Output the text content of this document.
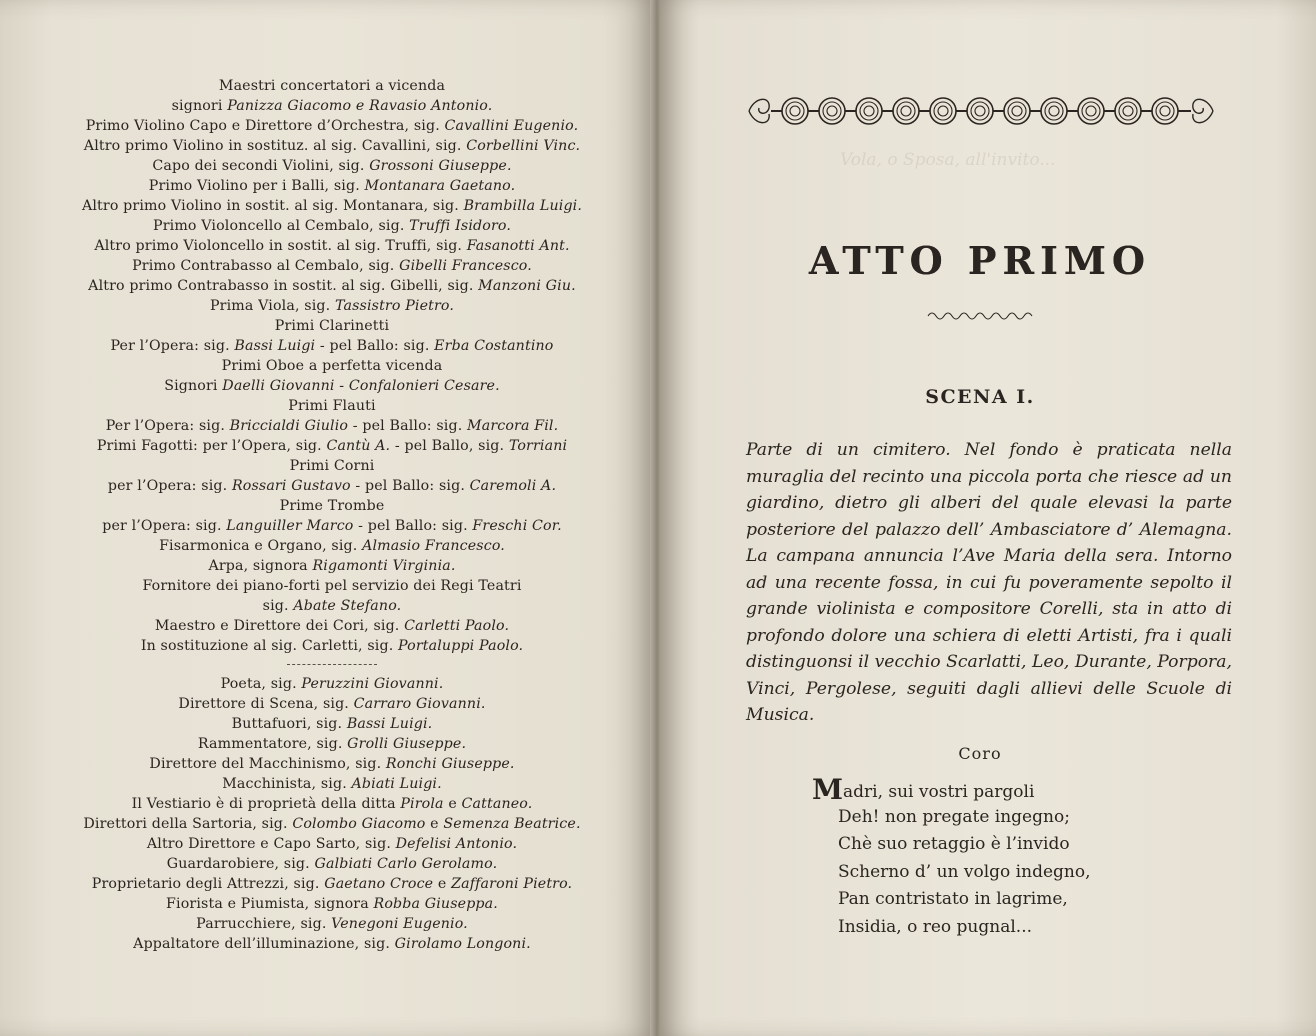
Maestri concertatori a vicenda
signori Panizza Giacomo e Ravasio Antonio.
Primo Violino Capo e Direttore d’Orchestra, sig. Cavallini Eugenio.
Altro primo Violino in sostituz. al sig. Cavallini, sig. Corbellini Vinc.
Capo dei secondi Violini, sig. Grossoni Giuseppe.
Primo Violino per i Balli, sig. Montanara Gaetano.
Altro primo Violino in sostit. al sig. Montanara, sig. Brambilla Luigi.
Primo Violoncello al Cembalo, sig. Truffi Isidoro.
Altro primo Violoncello in sostit. al sig. Truffi, sig. Fasanotti Ant.
Primo Contrabasso al Cembalo, sig. Gibelli Francesco.
Altro primo Contrabasso in sostit. al sig. Gibelli, sig. Manzoni Giu.
Prima Viola, sig. Tassistro Pietro.
Primi Clarinetti
Per l’Opera: sig. Bassi Luigi - pel Ballo: sig. Erba Costantino
Primi Oboe a perfetta vicenda
Signori Daelli Giovanni - Confalonieri Cesare.
Primi Flauti
Per l’Opera: sig. Briccialdi Giulio - pel Ballo: sig. Marcora Fil.
Primi Fagotti: per l’Opera, sig. Cantù A. - pel Ballo, sig. Torriani
Primi Corni
per l’Opera: sig. Rossari Gustavo - pel Ballo: sig. Caremoli A.
Prime Trombe
per l’Opera: sig. Languiller Marco - pel Ballo: sig. Freschi Cor.
Fisarmonica e Organo, sig. Almasio Francesco.
Arpa, signora Rigamonti Virginia.
Fornitore dei piano-forti pel servizio dei Regi Teatri
sig. Abate Stefano.
Maestro e Direttore dei Cori, sig. Carletti Paolo.
In sostituzione al sig. Carletti, sig. Portaluppi Paolo.
Poeta, sig. Peruzzini Giovanni.
Direttore di Scena, sig. Carraro Giovanni.
Buttafuori, sig. Bassi Luigi.
Rammentatore, sig. Grolli Giuseppe.
Direttore del Macchinismo, sig. Ronchi Giuseppe.
Macchinista, sig. Abiati Luigi.
Il Vestiario è di proprietà della ditta Pirola e Cattaneo.
Direttori della Sartoria, sig. Colombo Giacomo e Semenza Beatrice.
Altro Direttore e Capo Sarto, sig. Defelisi Antonio.
Guardarobiere, sig. Galbiati Carlo Gerolamo.
Proprietario degli Attrezzi, sig. Gaetano Croce e Zaffaroni Pietro.
Fiorista e Piumista, signora Robba Giuseppa.
Parrucchiere, sig. Venegoni Eugenio.
Appaltatore dell’illuminazione, sig. Girolamo Longoni.
Vola, o Sposa, all'invito...
ATTO PRIMO
SCENA I.

Parte di un cimitero. Nel fondo è praticata nella muraglia del recinto una piccola porta che riesce ad un giardino, dietro gli alberi del quale elevasi la parte posteriore del palazzo dell’ Ambasciatore d’ Alemagna. La campana annuncia l’Ave Maria della sera. Intorno ad una recente fossa, in cui fu poveramente sepolto il grande violinista e compositore Corelli, sta in atto di profondo dolore una schiera di eletti Artisti, fra i quali distinguonsi il vecchio Scarlatti, Leo, Durante, Porpora, Vinci, Pergolese, seguiti dagli allievi delle Scuole di Musica.

Coro
Madri, sui vostri pargoli
Deh! non pregate ingegno;
Chè suo retaggio è l’invido
Scherno d’ un volgo indegno,
Pan contristato in lagrime,
Insidia, o reo pugnal...
